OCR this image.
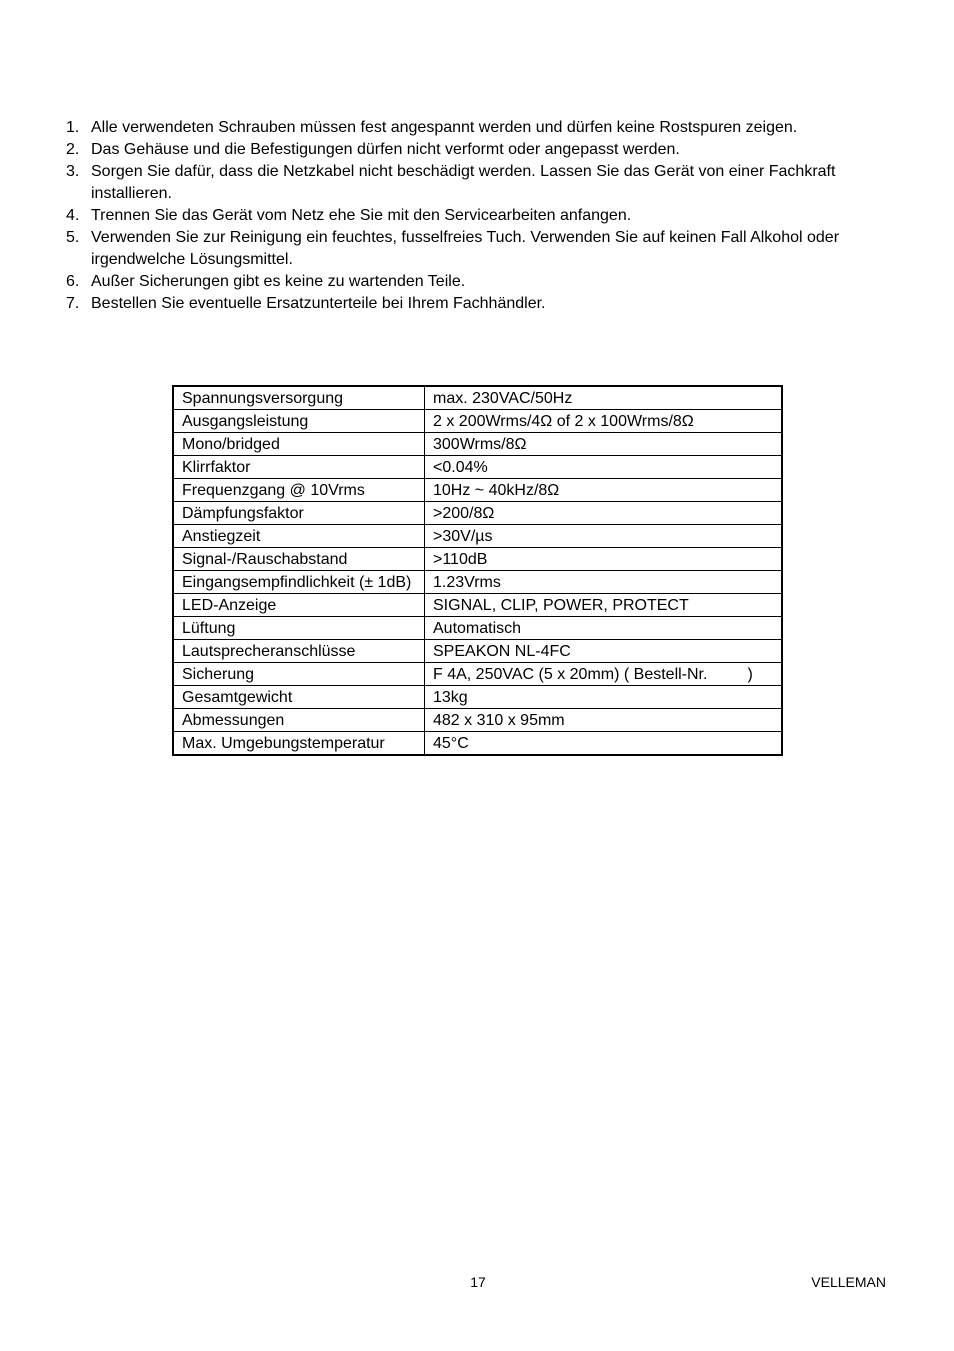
1. Alle verwendeten Schrauben müssen fest angespannt werden und dürfen keine Rostspuren zeigen.
2. Das Gehäuse und die Befestigungen dürfen nicht verformt oder angepasst werden.
3. Sorgen Sie dafür, dass die Netzkabel nicht beschädigt werden. Lassen Sie das Gerät von einer Fachkraft installieren.
4. Trennen Sie das Gerät vom Netz ehe Sie mit den Servicearbeiten anfangen.
5. Verwenden Sie zur Reinigung ein feuchtes, fusselfreies Tuch. Verwenden Sie auf keinen Fall Alkohol oder irgendwelche Lösungsmittel.
6. Außer Sicherungen gibt es keine zu wartenden Teile.
7. Bestellen Sie eventuelle Ersatzunterteile bei Ihrem Fachhändler.
Spannungsversorgung	max. 230VAC/50Hz
Ausgangsleistung	2 x 200Wrms/4Ω of 2 x 100Wrms/8Ω
Mono/bridged	300Wrms/8Ω
Klirrfaktor	<0.04%
Frequenzgang @ 10Vrms	10Hz ~ 40kHz/8Ω
Dämpfungsfaktor	>200/8Ω
Anstiegzeit	>30V/µs
Signal-/Rauschabstand	>110dB
Eingangsempfindlichkeit (± 1dB)	1.23Vrms
LED-Anzeige	SIGNAL, CLIP, POWER, PROTECT
Lüftung	Automatisch
Lautsprecheranschlüsse	SPEAKON NL-4FC
Sicherung	F 4A, 250VAC (5 x 20mm) ( Bestell-Nr.         )
Gesamtgewicht	13kg
Abmessungen	482 x 310 x 95mm
Max. Umgebungstemperatur	45°C
17	VELLEMAN
